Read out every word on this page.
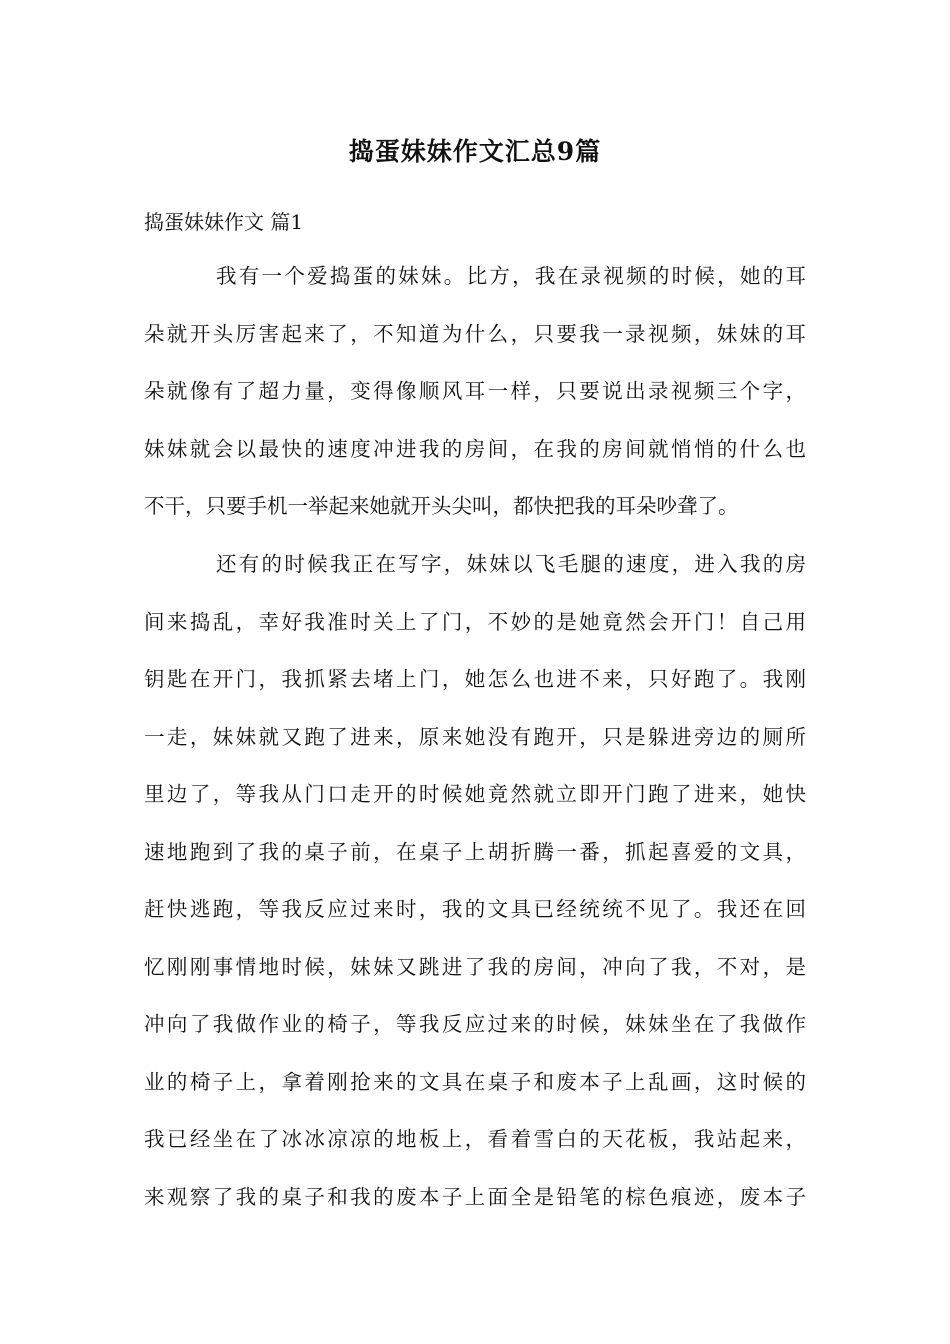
捣蛋妹妹作文汇总9篇
捣蛋妹妹作文 篇1
我有一个爱捣蛋的妹妹。比方，我在录视频的时候，她的耳
朵就开头厉害起来了，不知道为什么，只要我一录视频，妹妹的耳
朵就像有了超力量，变得像顺风耳一样，只要说出录视频三个字，
妹妹就会以最快的速度冲进我的房间，在我的房间就悄悄的什么也
不干，只要手机一举起来她就开头尖叫，都快把我的耳朵吵聋了。
还有的时候我正在写字，妹妹以飞毛腿的速度，进入我的房
间来捣乱，幸好我准时关上了门，不妙的是她竟然会开门！自己用
钥匙在开门，我抓紧去堵上门，她怎么也进不来，只好跑了。我刚
一走，妹妹就又跑了进来，原来她没有跑开，只是躲进旁边的厕所
里边了，等我从门口走开的时候她竟然就立即开门跑了进来，她快
速地跑到了我的桌子前，在桌子上胡折腾一番，抓起喜爱的文具，
赶快逃跑，等我反应过来时，我的文具已经统统不见了。我还在回
忆刚刚事情地时候，妹妹又跳进了我的房间，冲向了我，不对，是
冲向了我做作业的椅子，等我反应过来的时候，妹妹坐在了我做作
业的椅子上，拿着刚抢来的文具在桌子和废本子上乱画，这时候的
我已经坐在了冰冰凉凉的地板上，看着雪白的天花板，我站起来，
来观察了我的桌子和我的废本子上面全是铅笔的棕色痕迹，废本子
